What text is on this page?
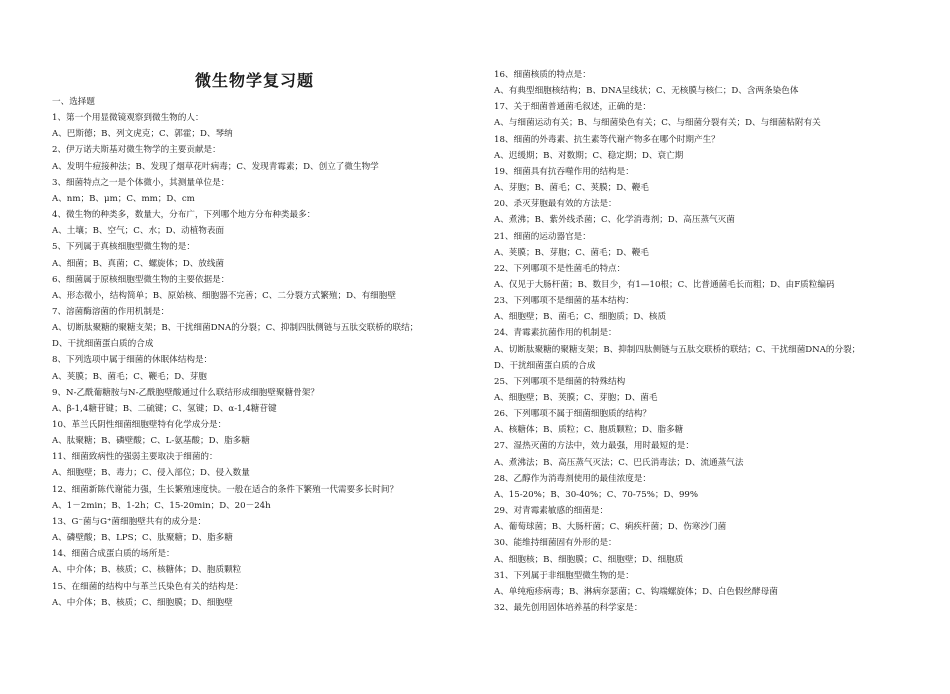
微生物学复习题
一、选择题
1、第一个用显微镜观察到微生物的人：
A、巴斯德；B、列文虎克；C、郭霍；D、琴纳
2、伊万诺夫斯基对微生物学的主要贡献是：
A、发明牛痘接种法；B、发现了烟草花叶病毒；C、发现青霉素；D、创立了微生物学
3、细菌特点之一是个体微小，其测量单位是：
A、nm；B、μm；C、mm；D、cm
4、微生物的种类多，数量大，分布广，下列哪个地方分布种类最多：
A、土壤；B、空气；C、水；D、动植物表面
5、下列属于真核细胞型微生物的是：
A、细菌；B、真菌；C、螺旋体；D、放线菌
6、细菌属于原核细胞型微生物的主要依据是：
A、形态微小，结构简单；B、原始核、细胞器不完善；C、二分裂方式繁殖；D、有细胞壁
7、溶菌酶溶菌的作用机制是：
A、切断肽聚糖的聚糖支架；B、干扰细菌DNA的分裂；C、抑制四肽侧链与五肽交联桥的联结；
D、干扰细菌蛋白质的合成
8、下列选项中属于细菌的休眠体结构是：
A、荚膜；B、菌毛；C、鞭毛；D、芽胞
9、N-乙酰葡糖胺与N-乙酰胞壁酸通过什么联结形成细胞壁聚糖骨架？
A、β-1,4糖苷键；B、二硫键；C、氢键；D、α-1,4糖苷键
10、革兰氏阴性细菌细胞壁特有化学成分是：
A、肽聚糖；B、磷壁酸；C、L-氨基酸；D、脂多糖
11、细菌致病性的强弱主要取决于细菌的：
A、细胞壁；B、毒力；C、侵入部位；D、侵入数量
12、细菌新陈代谢能力强，生长繁殖速度快。一般在适合的条件下繁殖一代需要多长时间？
A、1－2min；B、1-2h；C、15-20min；D、20－24h
13、G⁻菌与G⁺菌细胞壁共有的成分是：
A、磷壁酸；B、LPS；C、肽聚糖；D、脂多糖
14、细菌合成蛋白质的场所是：
A、中介体；B、核质；C、核糖体；D、胞质颗粒
15、在细菌的结构中与革兰氏染色有关的结构是：
A、中介体；B、核质；C、细胞膜；D、细胞壁
16、细菌核质的特点是：
A、有典型细胞核结构；B、DNA呈线状；C、无核膜与核仁；D、含两条染色体
17、关于细菌普通菌毛叙述，正确的是：
A、与细菌运动有关；B、与细菌染色有关；C、与细菌分裂有关；D、与细菌粘附有关
18、细菌的外毒素、抗生素等代谢产物多在哪个时期产生？
A、迟缓期；B、对数期；C、稳定期；D、衰亡期
19、细菌具有抗吞噬作用的结构是：
A、芽胞；B、菌毛；C、荚膜；D、鞭毛
20、杀灭芽胞最有效的方法是：
A、煮沸；B、紫外线杀菌；C、化学消毒剂；D、高压蒸气灭菌
21、细菌的运动器官是：
A、荚膜；B、芽胞；C、菌毛；D、鞭毛
22、下列哪项不是性菌毛的特点：
A、仅见于大肠杆菌；B、数目少，有1—10根；C、比普通菌毛长而粗；D、由F质粒编码
23、下列哪项不是细菌的基本结构：
A、细胞壁；B、菌毛；C、细胞质；D、核质
24、青霉素抗菌作用的机制是：
A、切断肽聚糖的聚糖支架；B、抑制四肽侧链与五肽交联桥的联结；C、干扰细菌DNA的分裂；
D、干扰细菌蛋白质的合成
25、下列哪项不是细菌的特殊结构
A、细胞壁；B、荚膜；C、芽胞；D、菌毛
26、下列哪项不属于细菌细胞质的结构？
A、核糖体；B、质粒；C、胞质颗粒；D、脂多糖
27、湿热灭菌的方法中，效力最强，用时最短的是：
A、煮沸法；B、高压蒸气灭法；C、巴氏消毒法；D、流通蒸气法
28、乙醇作为消毒剂使用的最佳浓度是：
A、15-20%；B、30-40%；C、70-75%；D、99%
29、对青霉素敏感的细菌是：
A、葡萄球菌；B、大肠杆菌；C、痢疾杆菌；D、伤寒沙门菌
30、能维持细菌固有外形的是：
A、细胞核；B、细胞膜；C、细胞壁；D、细胞质
31、下列属于非细胞型微生物的是：
A、单纯疱疹病毒；B、淋病奈瑟菌；C、钩端螺旋体；D、白色假丝酵母菌
32、最先创用固体培养基的科学家是：
